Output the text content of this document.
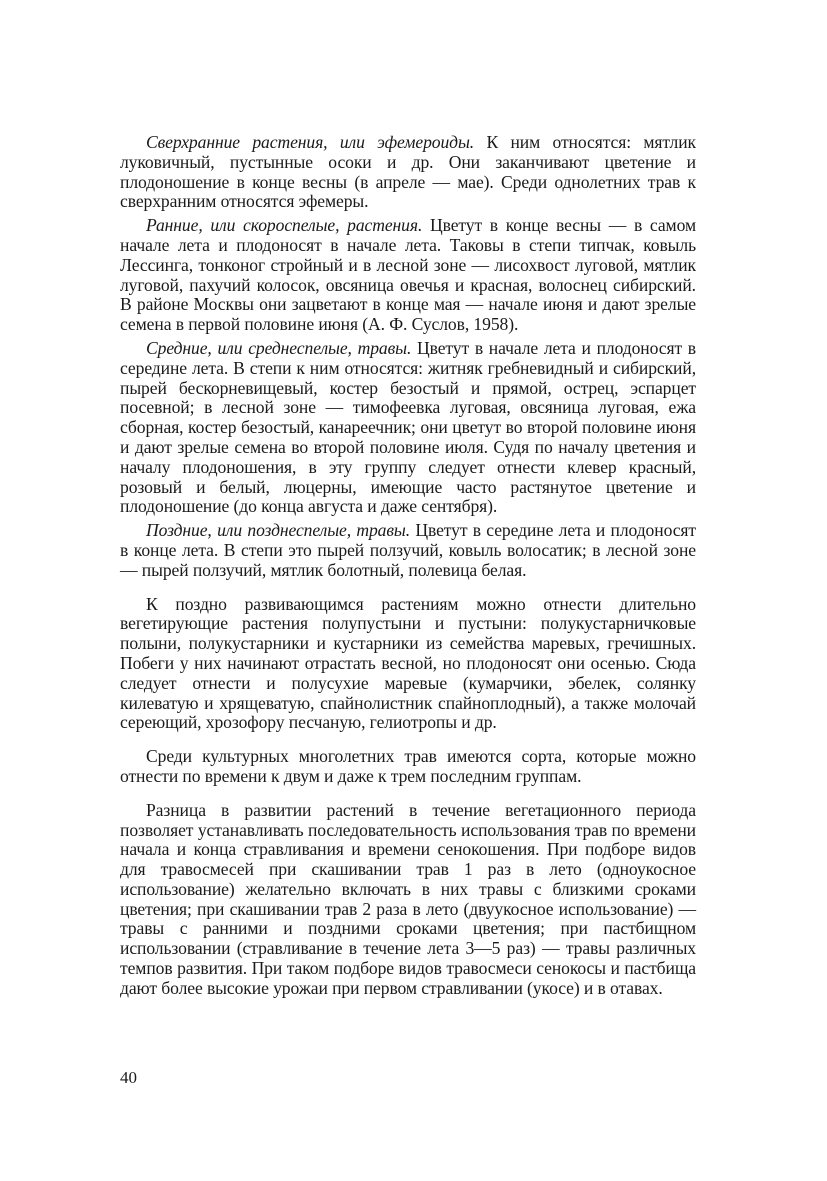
Сверхранние растения, или эфемероиды. К ним относятся: мятлик луковичный, пустынные осоки и др. Они заканчивают цветение и плодоношение в конце весны (в апреле — мае). Среди однолетних трав к сверхранним относятся эфемеры.

Ранние, или скороспелые, растения. Цветут в конце весны — в самом начале лета и плодоносят в начале лета. Таковы в степи типчак, ковыль Лессинга, тонконог стройный и в лесной зоне — лисохвост луговой, мятлик луговой, пахучий колосок, овсяница овечья и красная, волоснец сибирский. В районе Москвы они зацветают в конце мая — начале июня и дают зрелые семена в первой половине июня (А. Ф. Суслов, 1958).

Средние, или среднеспелые, травы. Цветут в начале лета и плодоносят в середине лета. В степи к ним относятся: житняк гребневидный и сибирский, пырей бескорневищевый, костер безостый и прямой, острец, эспарцет посевной; в лесной зоне — тимофеевка луговая, овсяница луговая, ежа сборная, костер безостый, канареечник; они цветут во второй половине июня и дают зрелые семена во второй половине июля. Судя по началу цветения и началу плодоношения, в эту группу следует отнести клевер красный, розовый и белый, люцерны, имеющие часто растянутое цветение и плодоношение (до конца августа и даже сентября).

Поздние, или позднеспелые, травы. Цветут в середине лета и плодоносят в конце лета. В степи это пырей ползучий, ковыль волосатик; в лесной зоне — пырей ползучий, мятлик болотный, полевица белая.

К поздно развивающимся растениям можно отнести длительно вегетирующие растения полупустыни и пустыни: полукустарничковые полыни, полукустарники и кустарники из семейства маревых, гречишных. Побеги у них начинают отрастать весной, но плодоносят они осенью. Сюда следует отнести и полусухие маревые (кумарчики, эбелек, солянку килеватую и хрящеватую, спайнолистник спайноплодный), а также молочай сереющий, хрозофору песчаную, гелиотропы и др.

Среди культурных многолетних трав имеются сорта, которые можно отнести по времени к двум и даже к трем последним группам.

Разница в развитии растений в течение вегетационного периода позволяет устанавливать последовательность использования трав по времени начала и конца стравливания и времени сенокошения. При подборе видов для травосмесей при скашивании трав 1 раз в лето (одноукосное использование) желательно включать в них травы с близкими сроками цветения; при скашивании трав 2 раза в лето (двуукосное использование) — травы с ранними и поздними сроками цветения; при пастбищном использовании (стравливание в течение лета 3—5 раз) — травы различных темпов развития. При таком подборе видов травосмеси сенокосы и пастбища дают более высокие урожаи при первом стравливании (укосе) и в отавах.

40
